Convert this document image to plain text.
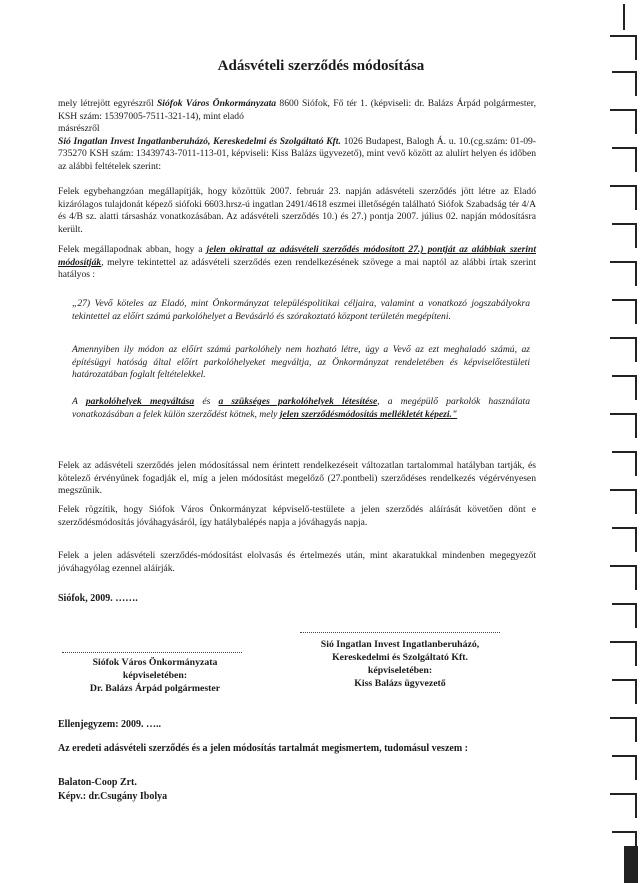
Adásvételi szerződés módosítása
mely létrejött egyrészről Siófok Város Önkormányzata 8600 Siófok, Fő tér 1. (képviseli: dr. Balázs Árpád polgármester, KSH szám: 15397005-7511-321-14), mint eladó
másrészről
Sió Ingatlan Invest Ingatlanberuházó, Kereskedelmi és Szolgáltató Kft. 1026 Budapest, Balogh Á. u. 10.(cg.szám: 01-09-735270 KSH szám: 13439743-7011-113-01, képviseli: Kiss Balázs ügyvezető), mint vevő között az alulírt helyen és időben az alábbi feltételek szerint:
Felek egybehangzóan megállapítják, hogy közöttük 2007. február 23. napján adásvételi szerződés jött létre az Eladó kizárólagos tulajdonát képező siófoki 6603.hrsz-ú ingatlan 2491/4618 eszmei illetőségén található Siófok Szabadság tér 4/A és 4/B sz. alatti társasház vonatkozásában. Az adásvételi szerződés 10.) és 27.) pontja 2007. július 02. napján módosításra került.
Felek megállapodnak abban, hogy a jelen okirattal az adásvételi szerződés módosított 27.) pontját az alábbiak szerint módosítják, melyre tekintettel az adásvételi szerződés ezen rendelkezésének szövege a mai naptól az alábbi írtak szerint hatályos :
„27) Vevő köteles az Eladó, mint Önkormányzat településpolitikai céljaira, valamint a vonatkozó jogszabályokra tekintettel az előírt számú parkolóhelyet a Bevásárló és szórakoztató központ területén megépíteni.
Amennyiben ily módon az előírt számú parkolóhely nem hozható létre, úgy a Vevő az ezt meghaladó számú, az építésügyi hatóság által előírt parkolóhelyeket megváltja, az Önkormányzat rendeletében és képviselőtestületi határozatában foglalt feltételekkel.
A parkolóhelyek megváltása és a szükséges parkolóhelyek létesítése, a megépülő parkolók használata vonatkozásában a felek külön szerződést kötnek, mely jelen szerződésmódosítás mellékletét képezi."
Felek az adásvételi szerződés jelen módosítással nem érintett rendelkezéseit változatlan tartalommal hatályban tartják, és kötelező érvényűnek fogadják el, míg a jelen módosítást megelőző (27.pontbeli) szerződéses rendelkezés végérvényesen megszűnik.
Felek rögzítik, hogy Siófok Város Önkormányzat képviselő-testülete a jelen szerződés aláírását követően dönt e szerződésmódosítás jóváhagyásáról, így hatálybalépés napja a jóváhagyás napja.
Felek a jelen adásvételi szerződés-módosítást elolvasás és értelmezés után, mint akaratukkal mindenben megegyezőt jóváhagyólag ezennel aláírják.
Siófok, 2009. …….
Siófok Város Önkormányzata
képviseletében:
Dr. Balázs Árpád polgármester
Sió Ingatlan Invest Ingatlanberuházó,
Kereskedelmi és Szolgáltató Kft.
képviseletében:
Kiss Balázs ügyvezető
Ellenjegyzem: 2009. …..
Az eredeti adásvételi szerződés és a jelen módosítás tartalmát megismertem, tudomásul veszem :
Balaton-Coop Zrt.
Képv.: dr.Csugány Ibolya
